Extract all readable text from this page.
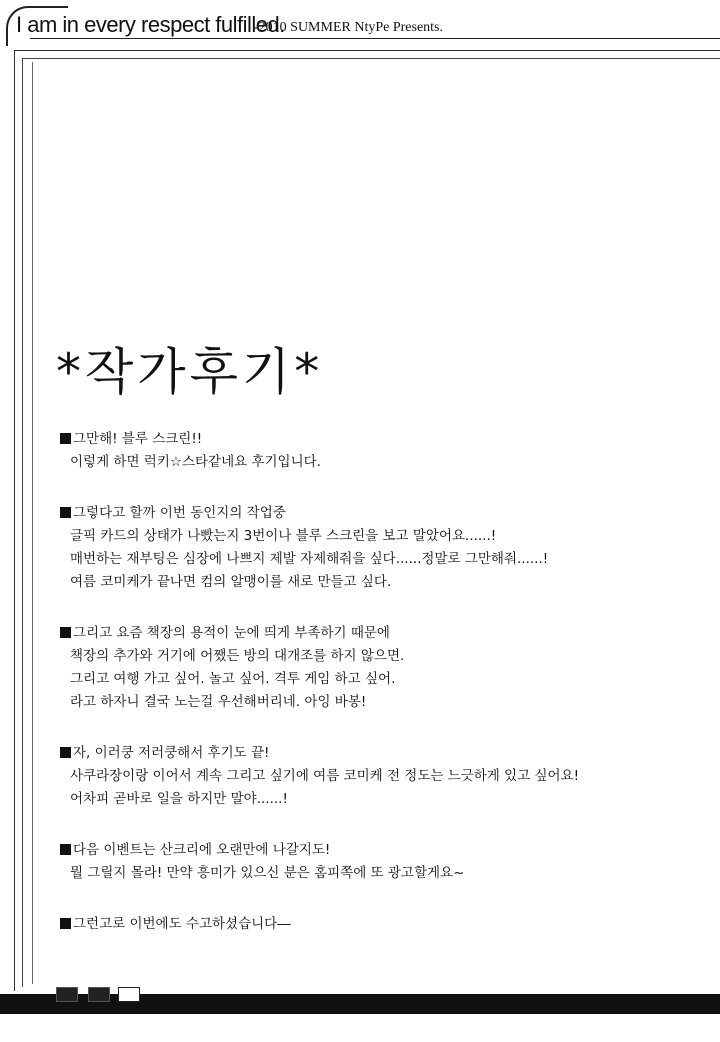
I am in every respect fulfilled.
-2010 SUMMER NtyPe Presents.
*작가후기*
그만해! 블루 스크린!!
이렇게 하면 럭키☆스타같네요 후기입니다.
그렇다고 할까 이번 동인지의 작업중
글픽 카드의 상태가 나빴는지 3번이나 블루 스크린을 보고 말았어요......!
매번하는 재부팅은 심장에 나쁘지 제발 자제해줘을 싶다......정말로 그만해줘......!
여름 코미케가 끝나면 컴의 알맹이를 새로 만들고 싶다.
그리고 요즘 책장의 용적이 눈에 띄게 부족하기 때문에
책장의 추가와 거기에 어쨌든 방의 대개조를 하지 않으면.
그리고 여행 가고 싶어. 놀고 싶어. 격투 게임 하고 싶어.
라고 하자니 결국 노는걸 우선해버리네. 아잉 바봉!
자, 이러쿵 저러쿵해서 후기도 끝!
사쿠라장이랑 이어서 계속 그리고 싶기에 여름 코미케 전 정도는 느긋하게 있고 싶어요!
어차피 곧바로 일을 하지만 말야......!
다음 이벤트는 산크리에 오랜만에 나갈지도!
뭘 그릴지 몰라! 만약 흥미가 있으신 분은 홈피쪽에 또 광고할게요~
그런고로 이번에도 수고하셨습니다―
